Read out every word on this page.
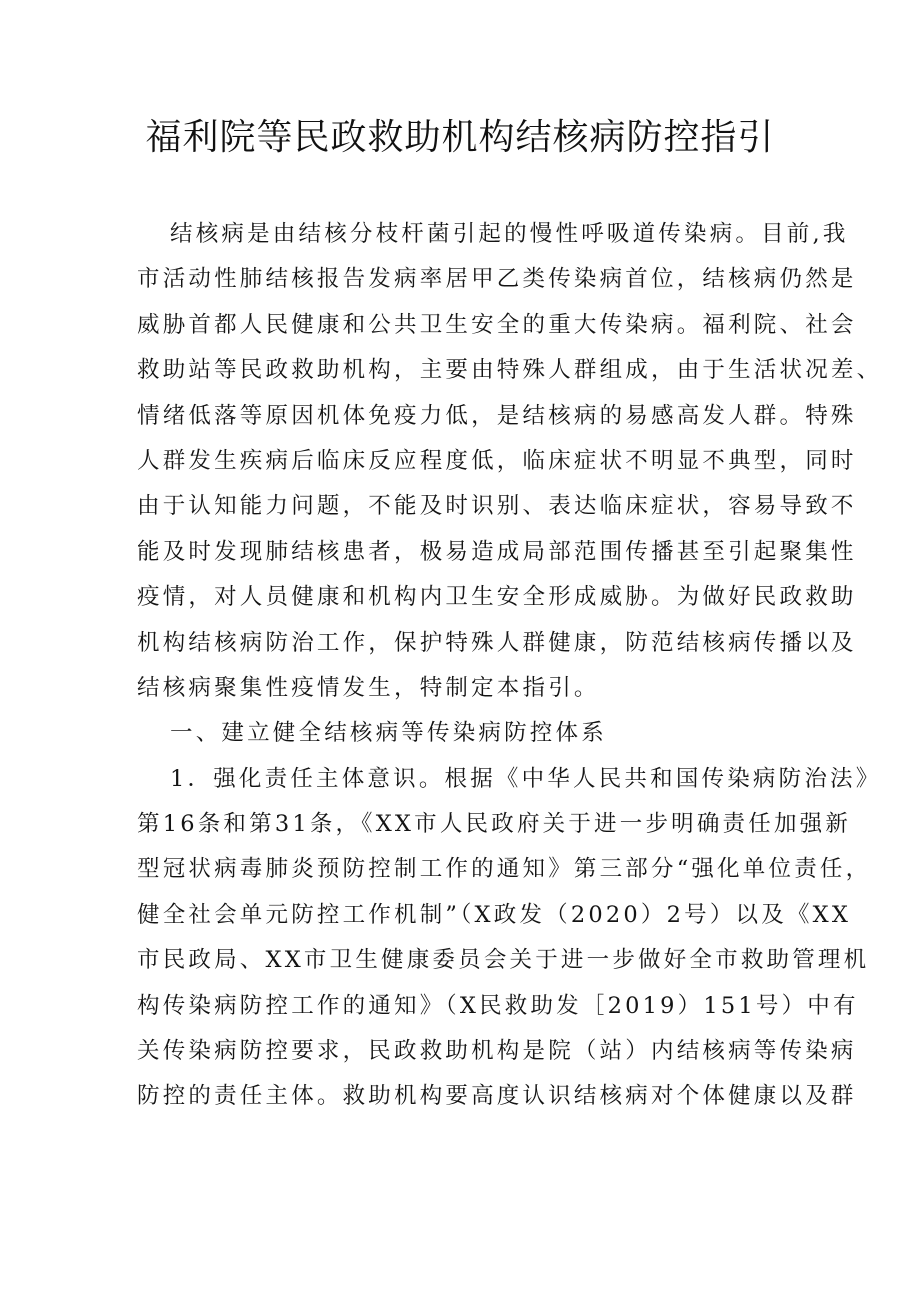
福利院等民政救助机构结核病防控指引
结核病是由结核分枝杆菌引起的慢性呼吸道传染病。目前,我
市活动性肺结核报告发病率居甲乙类传染病首位，结核病仍然是
威胁首都人民健康和公共卫生安全的重大传染病。福利院、社会
救助站等民政救助机构，主要由特殊人群组成，由于生活状况差、
情绪低落等原因机体免疫力低，是结核病的易感高发人群。特殊
人群发生疾病后临床反应程度低，临床症状不明显不典型，同时
由于认知能力问题，不能及时识别、表达临床症状，容易导致不
能及时发现肺结核患者，极易造成局部范围传播甚至引起聚集性
疫情，对人员健康和机构内卫生安全形成威胁。为做好民政救助
机构结核病防治工作，保护特殊人群健康，防范结核病传播以及
结核病聚集性疫情发生，特制定本指引。
一、建立健全结核病等传染病防控体系
1．强化责任主体意识。根据《中华人民共和国传染病防治法》
第16条和第31条，《XX市人民政府关于进一步明确责任加强新
型冠状病毒肺炎预防控制工作的通知》第三部分“强化单位责任，
健全社会单元防控工作机制”（X政发（2020）2号）以及《XX
市民政局、XX市卫生健康委员会关于进一步做好全市救助管理机
构传染病防控工作的通知》（X民救助发［2019）151号）中有
关传染病防控要求，民政救助机构是院（站）内结核病等传染病
防控的责任主体。救助机构要高度认识结核病对个体健康以及群
